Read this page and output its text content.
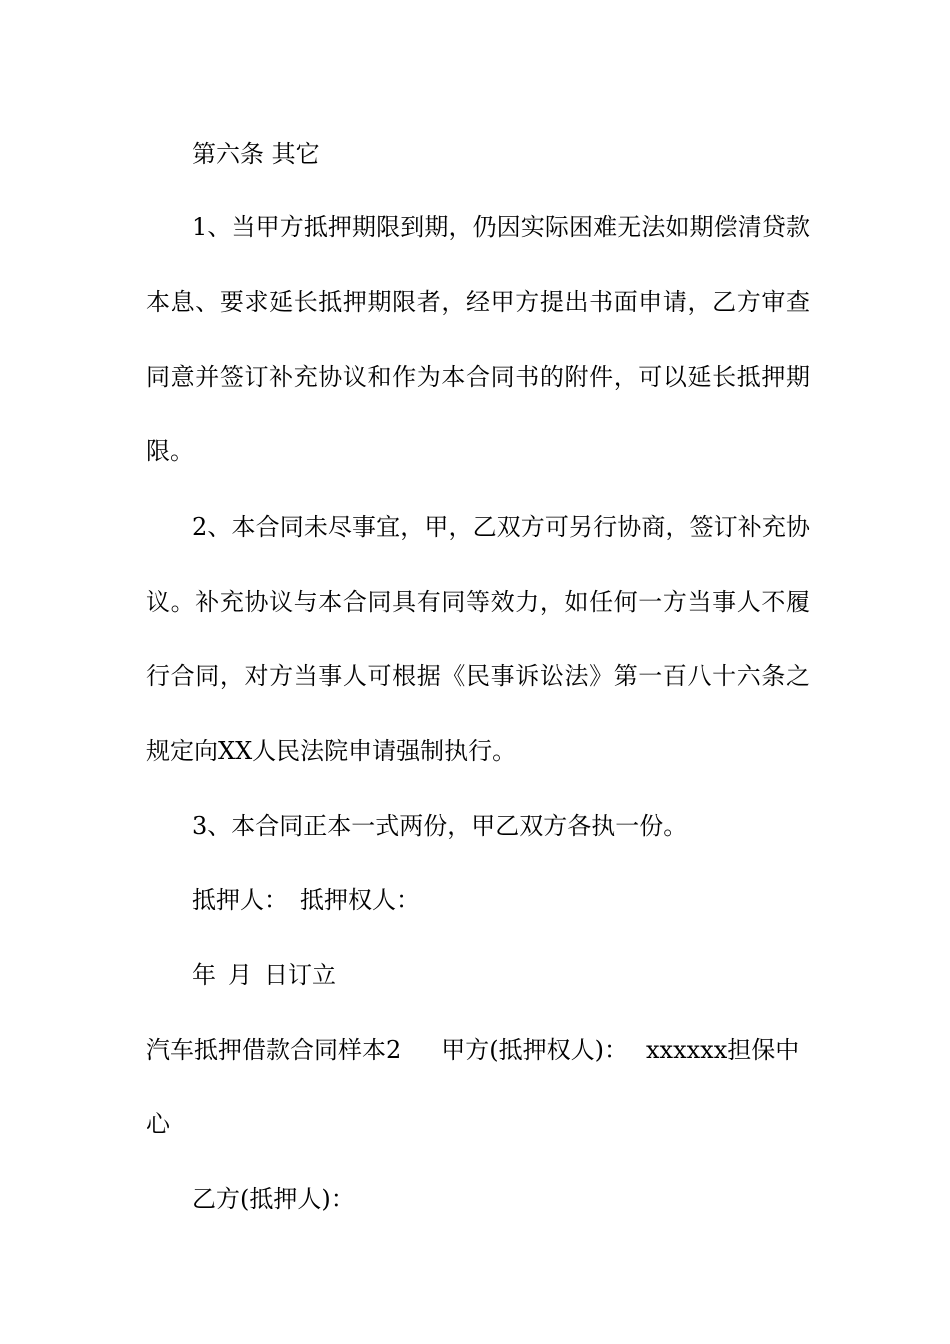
第六条 其它
1、当甲方抵押期限到期，仍因实际困难无法如期偿清贷款
本息、要求延长抵押期限者，经甲方提出书面申请，乙方审查
同意并签订补充协议和作为本合同书的附件，可以延长抵押期
限。
2、本合同未尽事宜，甲，乙双方可另行协商，签订补充协
议。补充协议与本合同具有同等效力，如任何一方当事人不履
行合同，对方当事人可根据《民事诉讼法》第一百八十六条之
规定向XX人民法院申请强制执行。
3、本合同正本一式两份，甲乙双方各执一份。
抵押人： 抵押权人：
年 月 日订立
汽车抵押借款合同样本2 甲方(抵押权人)： xxxxxx担保中
心
乙方(抵押人)：
